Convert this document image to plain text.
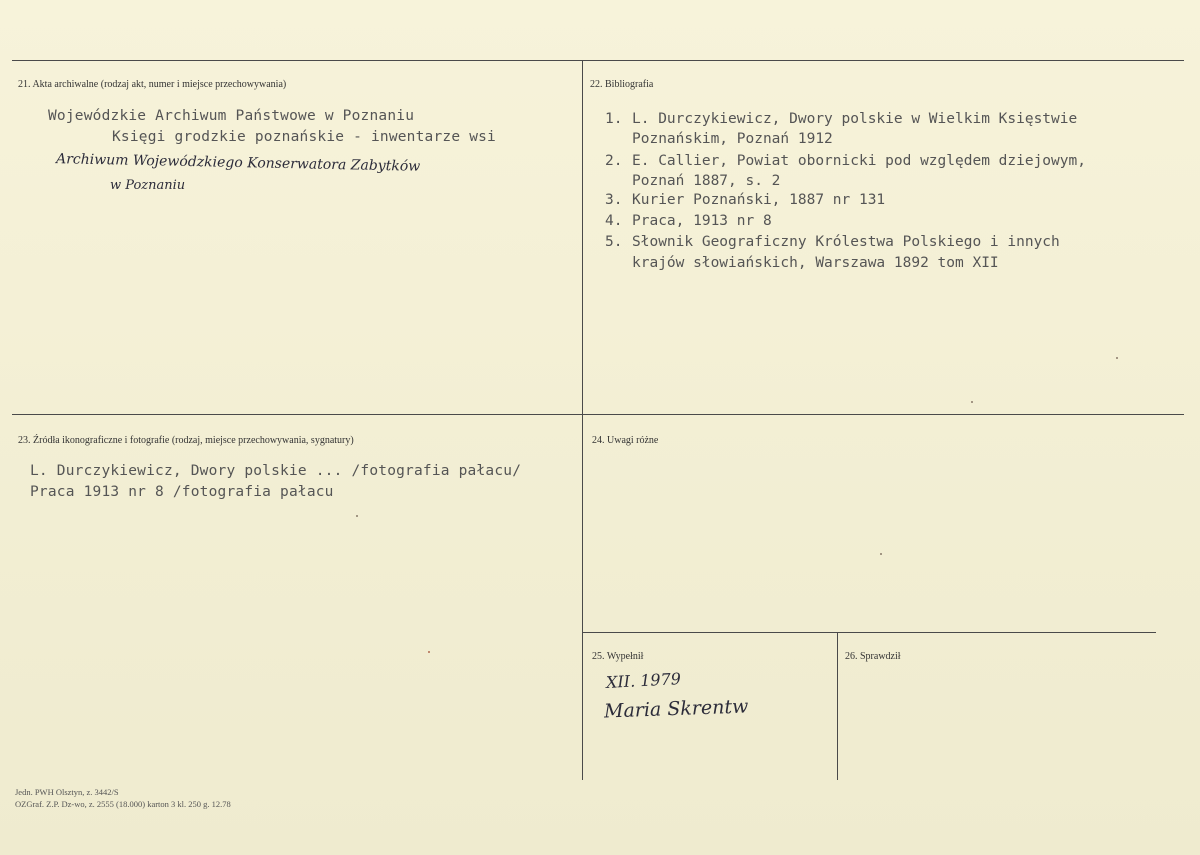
21. Akta archiwalne (rodzaj akt, numer i miejsce przechowywania)
Wojewódzkie Archiwum Państwowe w Poznaniu
Księgi grodzkie poznańskie - inwentarze wsi
Archiwum Wojewódzkiego Konserwatora Zabytków
w Poznaniu
22. Bibliografia
1. L. Durczykiewicz, Dwory polskie w Wielkim Księstwie
Poznańskim, Poznań 1912
2. E. Callier, Powiat obornicki pod względem dziejowym,
Poznań 1887, s. 2
3. Kurier Poznański, 1887 nr 131
4. Praca, 1913 nr 8
5. Słownik Geograficzny Królestwa Polskiego i innych
krajów słowiańskich, Warszawa 1892 tom XII
23. Źródła ikonograficzne i fotografie (rodzaj, miejsce przechowywania, sygnatury)
L. Durczykiewicz, Dwory polskie ... /fotografia pałacu/
Praca 1913 nr 8 /fotografia pałacu
24. Uwagi różne
25. Wypełnił
XII. 1979
Maria Skrentw
26. Sprawdził
Jedn. PWH Olsztyn, z. 3442/S
OZGraf. Z.P. Dz-wo, z. 2555 (18.000) karton 3 kl. 250 g. 12.78
